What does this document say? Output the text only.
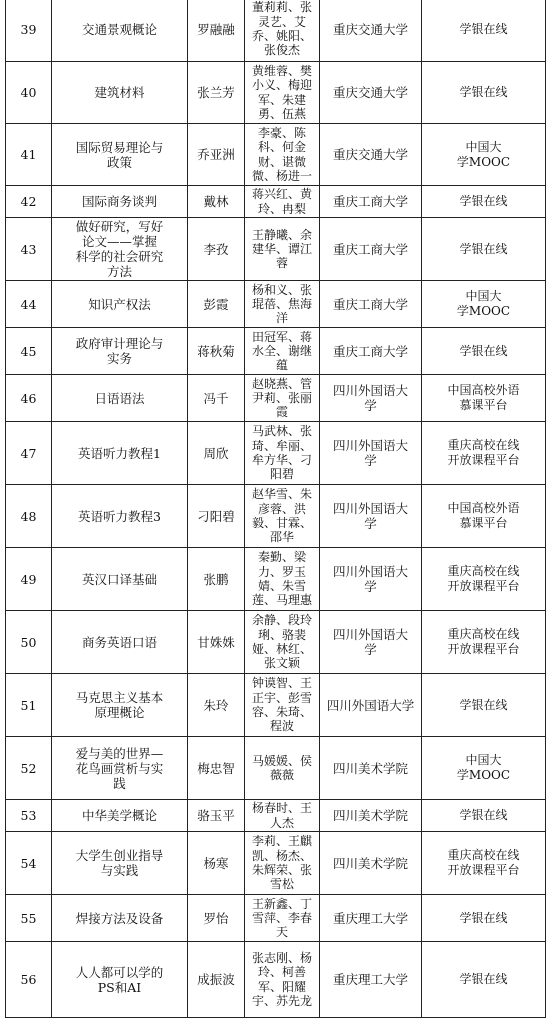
39	交通景观概论	罗融融	董莉莉、张
灵艺、艾
乔、姚阳、
张俊杰	重庆交通大学	学银在线
40	建筑材料	张兰芳	黄维蓉、樊
小义、梅迎
军、朱建
勇、伍燕	重庆交通大学	学银在线
41	国际贸易理论与
政策	乔亚洲	李豪、陈
科、何金
财、谌微
微、杨进一	重庆交通大学	中国大
学MOOC
42	国际商务谈判	戴林	蒋兴红、黄
玲、冉梨	重庆工商大学	学银在线
43	做好研究，写好
论文——掌握
科学的社会研究
方法	李孜	王静曦、余
建华、谭江
蓉	重庆工商大学	学银在线
44	知识产权法	彭霞	杨和义、张
琨蓓、焦海
洋	重庆工商大学	中国大
学MOOC
45	政府审计理论与
实务	蒋秋菊	田冠军、蒋
水全、谢继
蕴	重庆工商大学	学银在线
46	日语语法	冯千	赵晓燕、管
尹莉、张丽
霞	四川外国语大
学	中国高校外语
慕课平台
47	英语听力教程1	周欣	马武林、张
琦、牟丽、
牟方华、刁
阳碧	四川外国语大
学	重庆高校在线
开放课程平台
48	英语听力教程3	刁阳碧	赵华雪、朱
彦蓉、洪
毅、甘霖、
邵华	四川外国语大
学	中国高校外语
慕课平台
49	英汉口译基础	张鹏	秦勤、梁
力、罗玉
婧、朱雪
莲、马理惠	四川外国语大
学	重庆高校在线
开放课程平台
50	商务英语口语	甘姝姝	余静、段玲
琍、骆裴
娅、林红、
张文颖	四川外国语大
学	重庆高校在线
开放课程平台
51	马克思主义基本
原理概论	朱玲	钟谟智、王
正宇、彭雪
容、朱琦、
程波	四川外国语大学	学银在线
52	爱与美的世界—
花鸟画赏析与实
践	梅忠智	马媛媛、侯
薇薇	四川美术学院	中国大
学MOOC
53	中华美学概论	骆玉平	杨春时、王
人杰	四川美术学院	学银在线
54	大学生创业指导
与实践	杨寒	李莉、王麒
凯、杨杰、
朱辉荣、张
雪松	四川美术学院	重庆高校在线
开放课程平台
55	焊接方法及设备	罗怡	王新鑫、丁
雪萍、李春
天	重庆理工大学	学银在线
56	人人都可以学的
PS和AI	成振波	张志刚、杨
玲、柯善
军、阳耀
宇、苏先龙	重庆理工大学	学银在线
